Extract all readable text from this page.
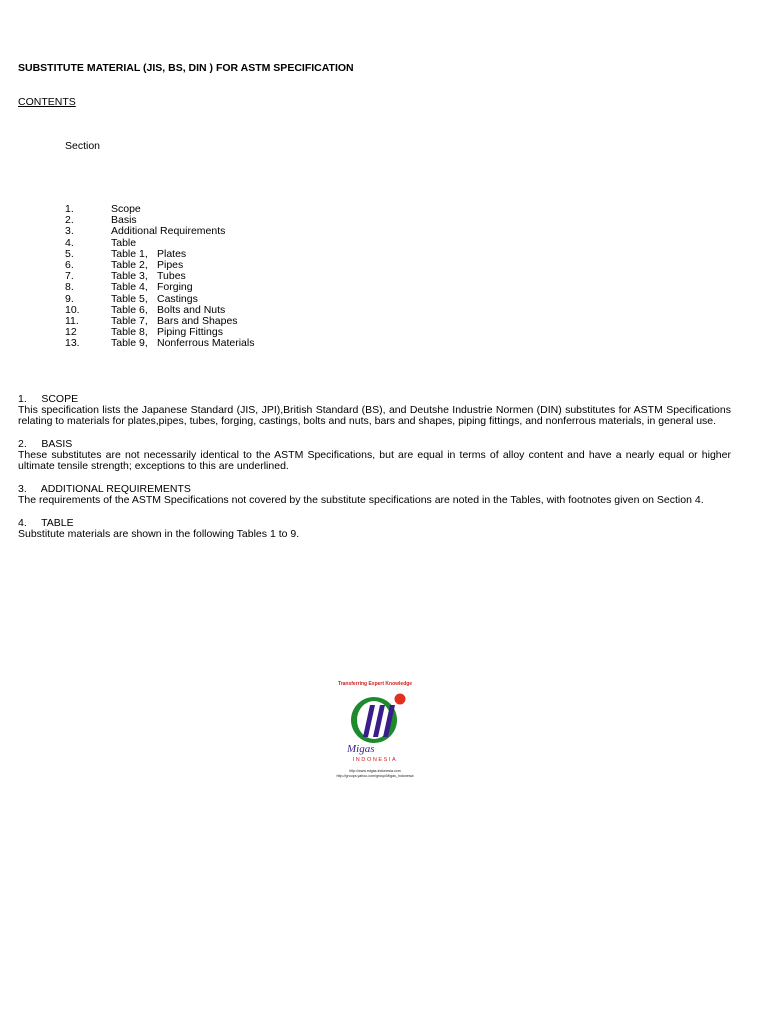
SUBSTITUTE MATERIAL (JIS, BS, DIN ) FOR ASTM SPECIFICATION
CONTENTS
Section
1.	Scope
2.	Basis
3.	Additional Requirements
4.	Table
5.	Table 1, Plates
6.	Table 2, Pipes
7.	Table 3, Tubes
8.	Table 4, Forging
9.	Table 5, Castings
10.	Table 6, Bolts and Nuts
11.	Table 7, Bars and Shapes
12	Table 8, Piping Fittings
13.	Table 9, Nonferrous Materials
1.     SCOPE
This specification lists the Japanese Standard (JIS, JPI),British Standard (BS), and Deutshe Industrie Normen (DIN) substitutes for ASTM Specifications relating to materials for plates,pipes, tubes, forging, castings, bolts and nuts, bars and shapes, piping fittings, and nonferrous materials, in general use.
2.     BASIS
These substitutes are not necessarily identical to the ASTM Specifications, but are equal in terms of alloy content and have a nearly equal or higher ultimate tensile strength; exceptions to this are underlined.
3.     ADDITIONAL REQUIREMENTS
The requirements of the ASTM Specifications not covered by the substitute specifications are noted in the Tables, with footnotes given on Section 4.
4.     TABLE
Substitute materials are shown in the following Tables 1 to 9.
Transferring Expert Knowledge
Migas
INDONESIA
http://www.migas-indonesia.com
http://groups.yahoo.com/group/Migas_Indonesia
